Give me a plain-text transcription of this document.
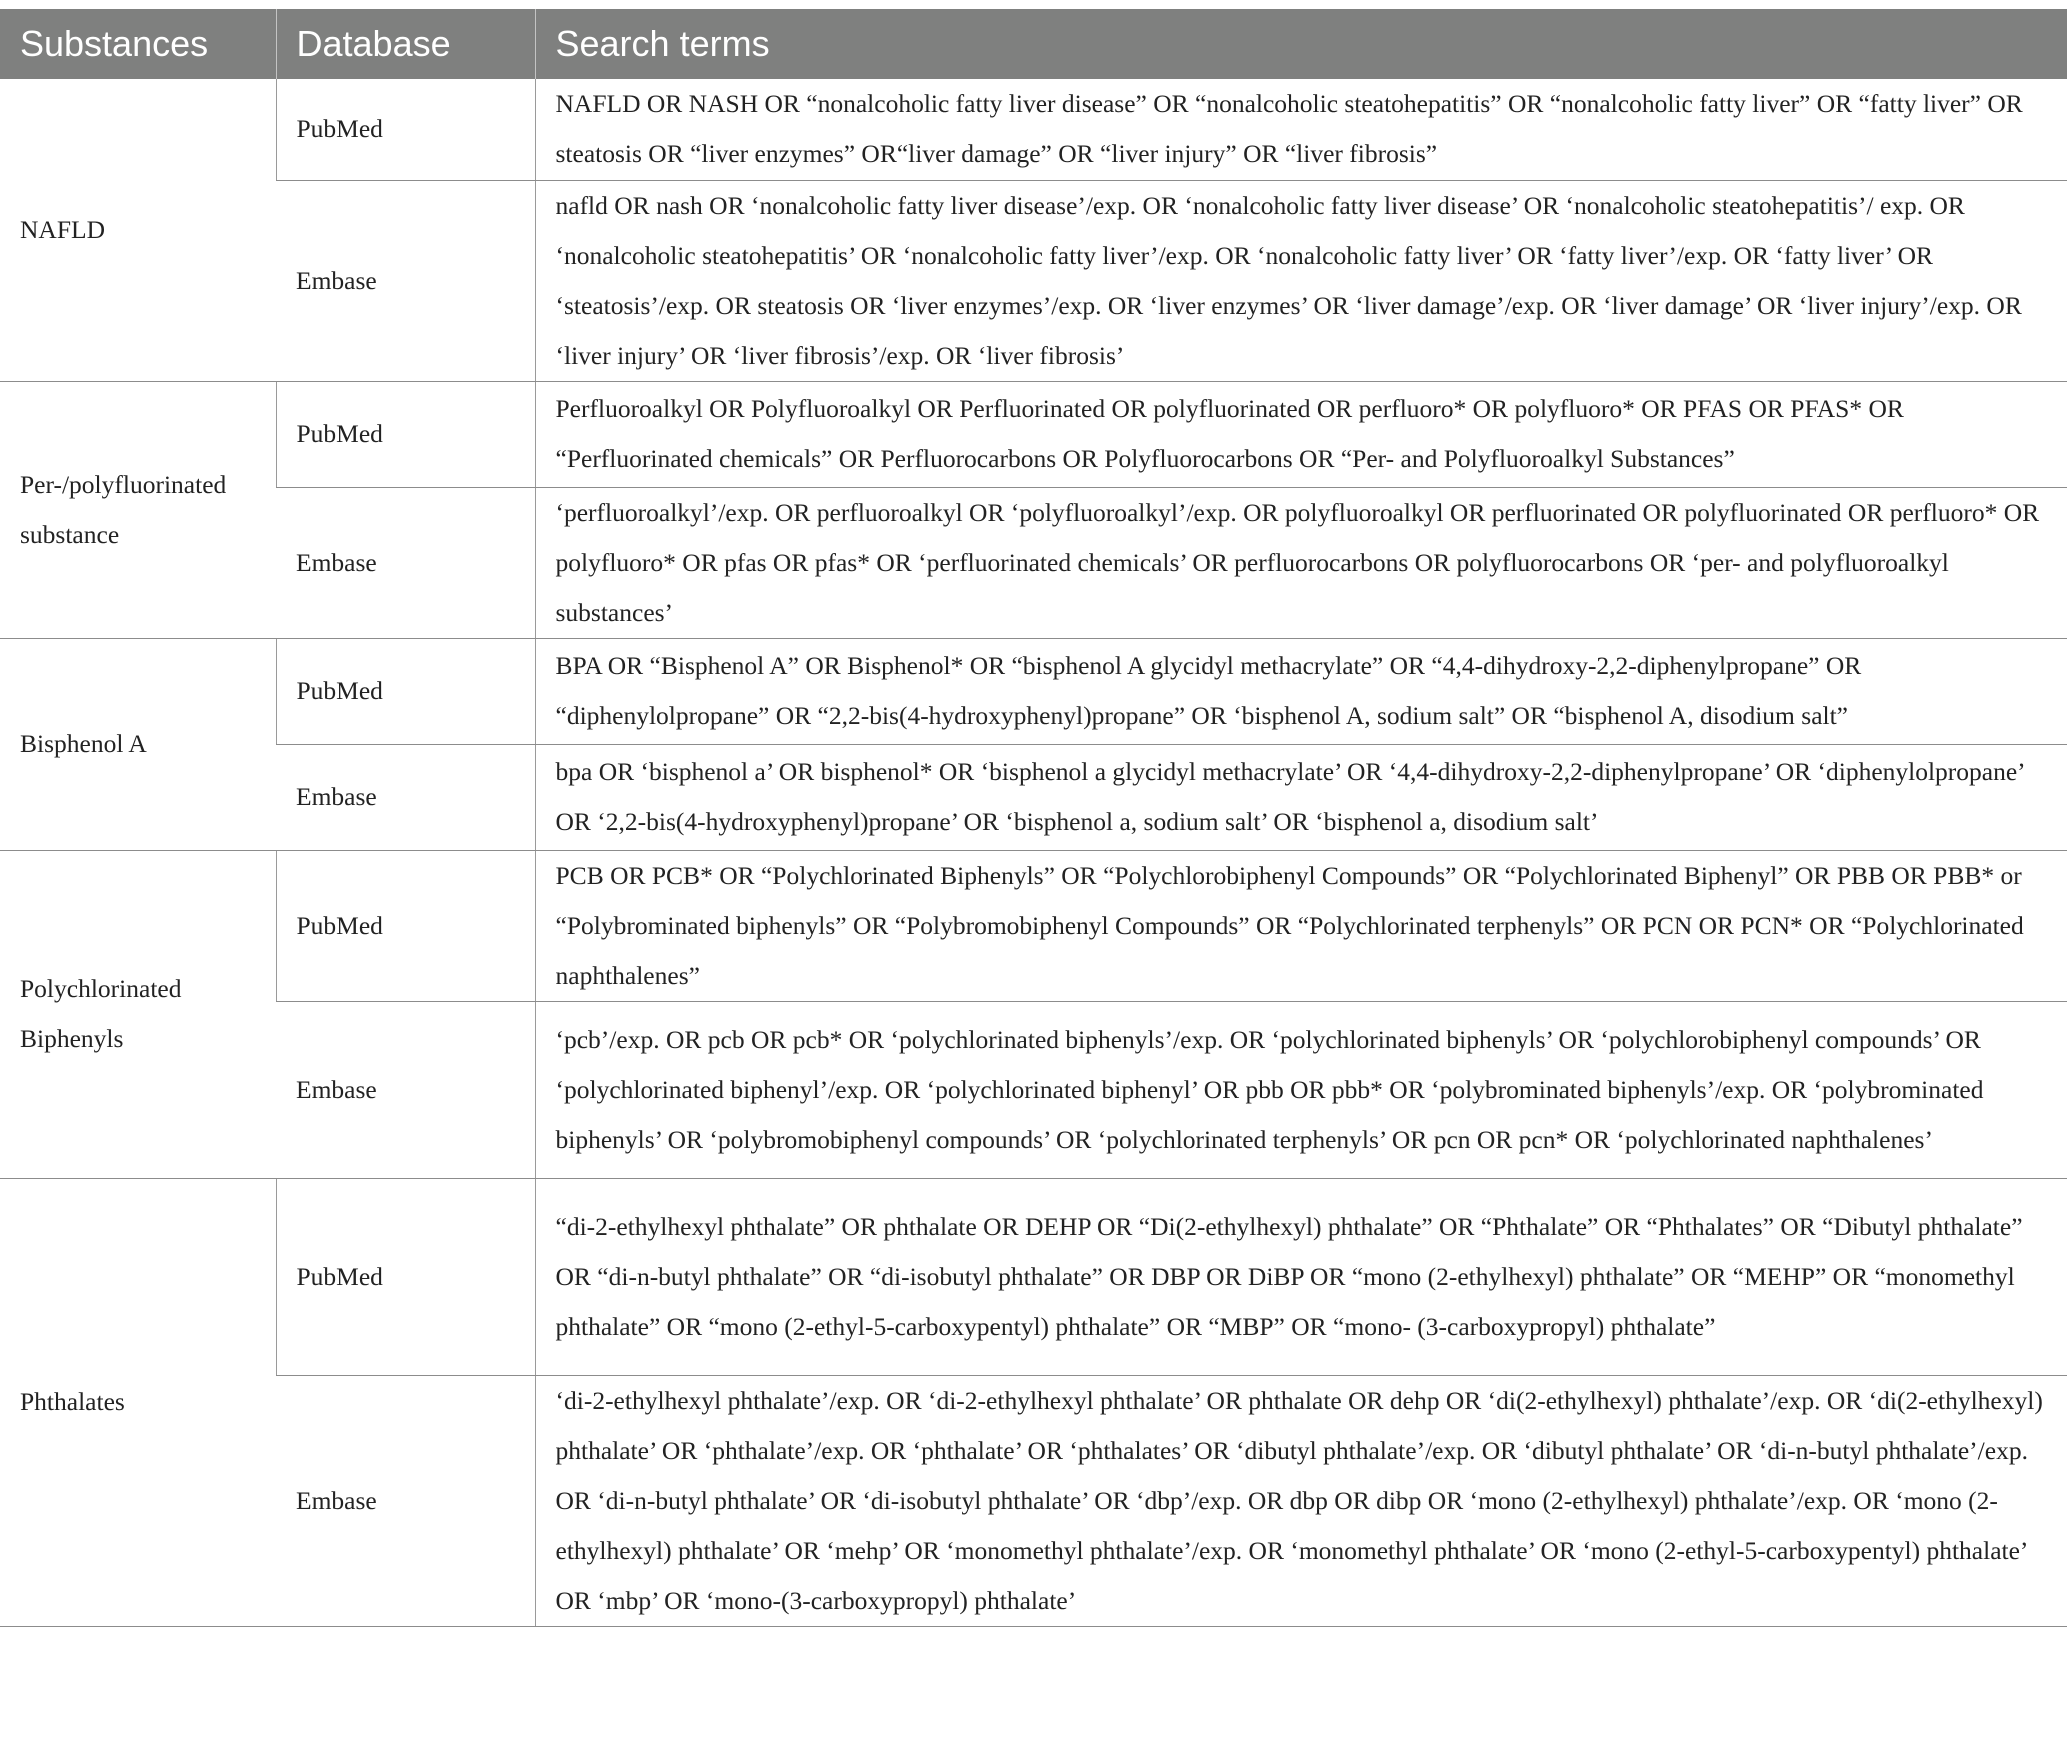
Substances	Database	Search terms
NAFLD	PubMed	NAFLD OR NASH OR “nonalcoholic fatty liver disease” OR “nonalcoholic steatohepatitis” OR “nonalcoholic fatty liver” OR “fatty liver” OR steatosis OR “liver enzymes” OR“liver damage” OR “liver injury” OR “liver fibrosis”
	Embase	nafld OR nash OR ‘nonalcoholic fatty liver disease’/exp. OR ‘nonalcoholic fatty liver disease’ OR ‘nonalcoholic steatohepatitis’/ exp. OR ‘nonalcoholic steatohepatitis’ OR ‘nonalcoholic fatty liver’/exp. OR ‘nonalcoholic fatty liver’ OR ‘fatty liver’/exp. OR ‘fatty liver’ OR ‘steatosis’/exp. OR steatosis OR ‘liver enzymes’/exp. OR ‘liver enzymes’ OR ‘liver damage’/exp. OR ‘liver damage’ OR ‘liver injury’/exp. OR ‘liver injury’ OR ‘liver fibrosis’/exp. OR ‘liver fibrosis’
Per-/polyfluorinated substance	PubMed	Perfluoroalkyl OR Polyfluoroalkyl OR Perfluorinated OR polyfluorinated OR perfluoro* OR polyfluoro* OR PFAS OR PFAS* OR “Perfluorinated chemicals” OR Perfluorocarbons OR Polyfluorocarbons OR “Per- and Polyfluoroalkyl Substances”
	Embase	‘perfluoroalkyl’/exp. OR perfluoroalkyl OR ‘polyfluoroalkyl’/exp. OR polyfluoroalkyl OR perfluorinated OR polyfluorinated OR perfluoro* OR polyfluoro* OR pfas OR pfas* OR ‘perfluorinated chemicals’ OR perfluorocarbons OR polyfluorocarbons OR ‘per- and polyfluoroalkyl substances’
Bisphenol A	PubMed	BPA OR “Bisphenol A” OR Bisphenol* OR “bisphenol A glycidyl methacrylate” OR “4,4-dihydroxy-2,2-diphenylpropane” OR “diphenylolpropane” OR “2,2-bis(4-hydroxyphenyl)propane” OR ‘bisphenol A, sodium salt” OR “bisphenol A, disodium salt”
	Embase	bpa OR ‘bisphenol a’ OR bisphenol* OR ‘bisphenol a glycidyl methacrylate’ OR ‘4,4-dihydroxy-2,2-diphenylpropane’ OR ‘diphenylolpropane’ OR ‘2,2-bis(4-hydroxyphenyl)propane’ OR ‘bisphenol a, sodium salt’ OR ‘bisphenol a, disodium salt’
Polychlorinated Biphenyls	PubMed	PCB OR PCB* OR “Polychlorinated Biphenyls” OR “Polychlorobiphenyl Compounds” OR “Polychlorinated Biphenyl” OR PBB OR PBB* or “Polybrominated biphenyls” OR “Polybromobiphenyl Compounds” OR “Polychlorinated terphenyls” OR PCN OR PCN* OR “Polychlorinated naphthalenes”
	Embase	‘pcb’/exp. OR pcb OR pcb* OR ‘polychlorinated biphenyls’/exp. OR ‘polychlorinated biphenyls’ OR ‘polychlorobiphenyl compounds’ OR ‘polychlorinated biphenyl’/exp. OR ‘polychlorinated biphenyl’ OR pbb OR pbb* OR ‘polybrominated biphenyls’/exp. OR ‘polybrominated biphenyls’ OR ‘polybromobiphenyl compounds’ OR ‘polychlorinated terphenyls’ OR pcn OR pcn* OR ‘polychlorinated naphthalenes’
Phthalates	PubMed	“di-2-ethylhexyl phthalate” OR phthalate OR DEHP OR “Di(2-ethylhexyl) phthalate” OR “Phthalate” OR “Phthalates” OR “Dibutyl phthalate” OR “di-n-butyl phthalate” OR “di-isobutyl phthalate” OR DBP OR DiBP OR “mono (2-ethylhexyl) phthalate” OR “MEHP” OR “monomethyl phthalate” OR “mono (2-ethyl-5-carboxypentyl) phthalate” OR “MBP” OR “mono- (3-carboxypropyl) phthalate”
	Embase	‘di-2-ethylhexyl phthalate’/exp. OR ‘di-2-ethylhexyl phthalate’ OR phthalate OR dehp OR ‘di(2-ethylhexyl) phthalate’/exp. OR ‘di(2-ethylhexyl) phthalate’ OR ‘phthalate’/exp. OR ‘phthalate’ OR ‘phthalates’ OR ‘dibutyl phthalate’/exp. OR ‘dibutyl phthalate’ OR ‘di-n-butyl phthalate’/exp. OR ‘di-n-butyl phthalate’ OR ‘di-isobutyl phthalate’ OR ‘dbp’/exp. OR dbp OR dibp OR ‘mono (2-ethylhexyl) phthalate’/exp. OR ‘mono (2-ethylhexyl) phthalate’ OR ‘mehp’ OR ‘monomethyl phthalate’/exp. OR ‘monomethyl phthalate’ OR ‘mono (2-ethyl-5-carboxypentyl) phthalate’ OR ‘mbp’ OR ‘mono-(3-carboxypropyl) phthalate’
